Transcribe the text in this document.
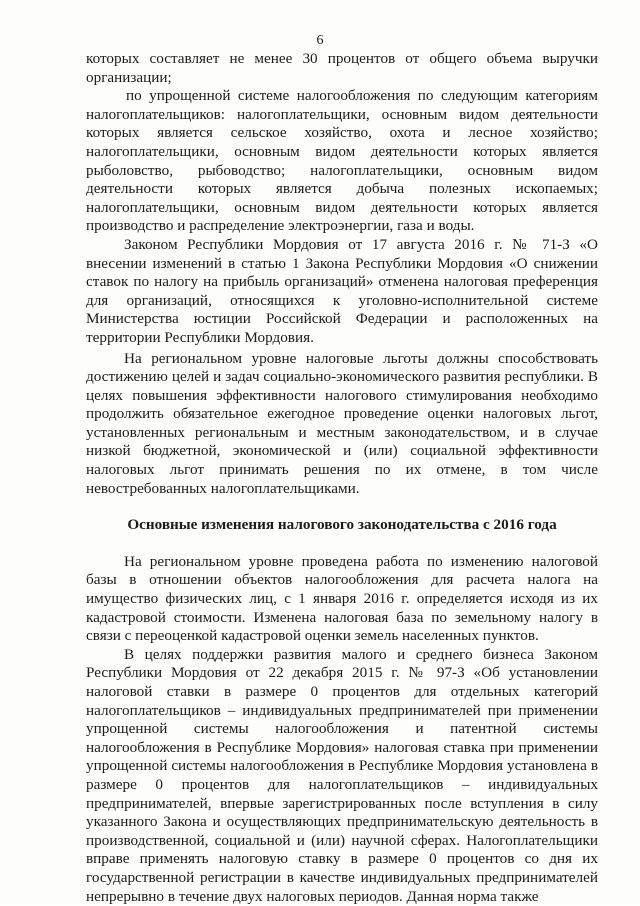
6

которых составляет не менее 30 процентов от общего объема выручки организации;

по упрощенной системе налогообложения по следующим категориям налогоплательщиков: налогоплательщики, основным видом деятельности которых является сельское хозяйство, охота и лесное хозяйство; налогоплательщики, основным видом деятельности которых является рыболовство, рыбоводство; налогоплательщики, основным видом деятельности которых является добыча полезных ископаемых; налогоплательщики, основным видом деятельности которых является производство и распределение электроэнергии, газа и воды.

Законом Республики Мордовия от 17 августа 2016 г. № 71-З «О внесении изменений в статью 1 Закона Республики Мордовия «О снижении ставок по налогу на прибыль организаций» отменена налоговая преференция для организаций, относящихся к уголовно-исполнительной системе Министерства юстиции Российской Федерации и расположенных на территории Республики Мордовия.

На региональном уровне налоговые льготы должны способствовать достижению целей и задач социально-экономического развития республики. В целях повышения эффективности налогового стимулирования необходимо продолжить обязательное ежегодное проведение оценки налоговых льгот, установленных региональным и местным законодательством, и в случае низкой бюджетной, экономической и (или) социальной эффективности налоговых льгот принимать решения по их отмене, в том числе невостребованных налогоплательщиками.

Основные изменения налогового законодательства с 2016 года

На региональном уровне проведена работа по изменению налоговой базы в отношении объектов налогообложения для расчета налога на имущество физических лиц, с 1 января 2016 г. определяется исходя из их кадастровой стоимости. Изменена налоговая база по земельному налогу в связи с переоценкой кадастровой оценки земель населенных пунктов.

В целях поддержки развития малого и среднего бизнеса Законом Республики Мордовия от 22 декабря 2015 г. № 97-З «Об установлении налоговой ставки в размере 0 процентов для отдельных категорий налогоплательщиков – индивидуальных предпринимателей при применении упрощенной системы налогообложения и патентной системы налогообложения в Республике Мордовия» налоговая ставка при применении упрощенной системы налогообложения в Республике Мордовия установлена в размере 0 процентов для налогоплательщиков – индивидуальных предпринимателей, впервые зарегистрированных после вступления в силу указанного Закона и осуществляющих предпринимательскую деятельность в производственной, социальной и (или) научной сферах. Налогоплательщики вправе применять налоговую ставку в размере 0 процентов со дня их государственной регистрации в качестве индивидуальных предпринимателей непрерывно в течение двух налоговых периодов. Данная норма также
